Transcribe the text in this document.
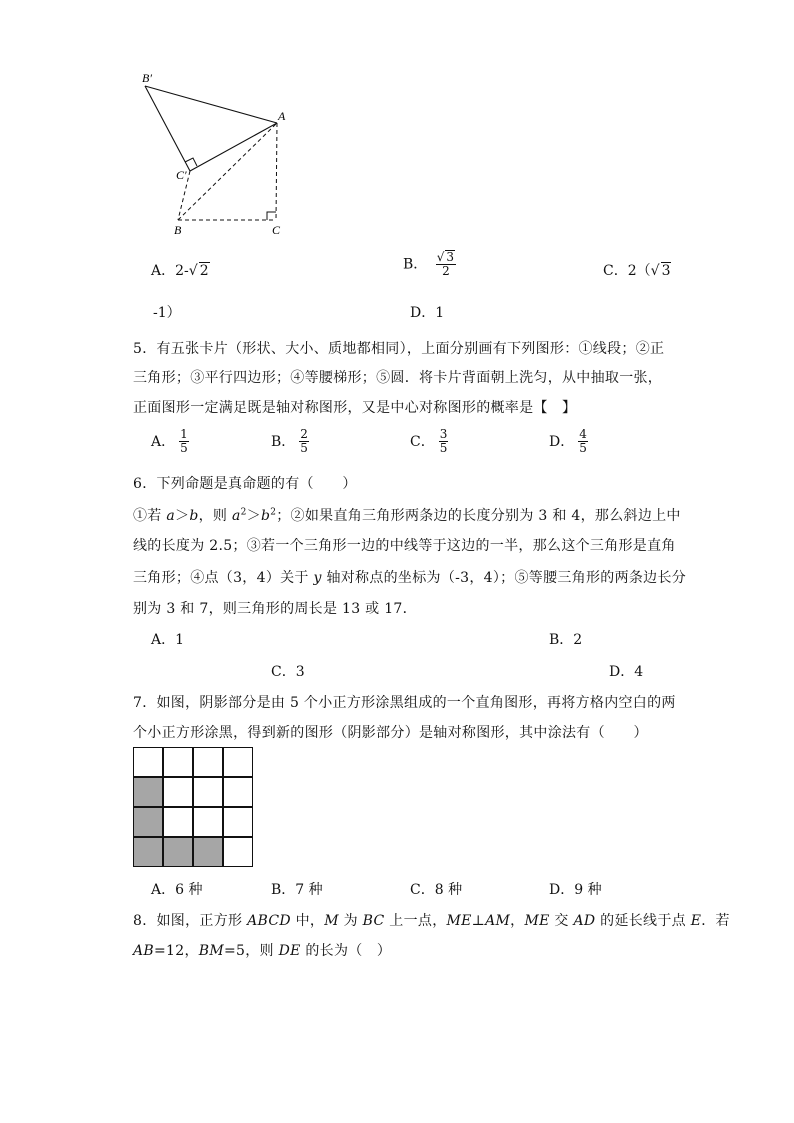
B′
A
C′
B	C
A．2-√ 2	B． $\frac{√ 3}{2}$	C．2（√ 3
-1）	D．1
5．有五张卡片（形状、大小、质地都相同），上面分别画有下列图形：①线段；②正
三角形；③平行四边形；④等腰梯形；⑤圆．将卡片背面朝上洗匀，从中抽取一张，
正面图形一定满足既是轴对称图形，又是中心对称图形的概率是【　】
A． $\frac{1}{5}$	B． $\frac{2}{5}$	C． $\frac{3}{5}$	D． $\frac{4}{5}$
6．下列命题是真命题的有（　　）
①若 a＞b，则 $a^2>b^2$；②如果直角三角形两条边的长度分别为 3 和 4，那么斜边上中
线的长度为 2.5；③若一个三角形一边的中线等于这边的一半，那么这个三角形是直角
三角形；④点（3，4）关于 y 轴对称点的坐标为（-3，4）；⑤等腰三角形的两条边长分
别为 3 和 7，则三角形的周长是 13 或 17．
A．1	B．2
C．3	D．4
7．如图，阴影部分是由 5 个小正方形涂黑组成的一个直角图形，再将方格内空白的两
个小正方形涂黑，得到新的图形（阴影部分）是轴对称图形，其中涂法有（　　）
A．6 种	B．7 种	C．8 种	D．9 种
8．如图，正方形 ABCD 中，M 为 BC 上一点，ME⊥AM，ME 交 AD 的延长线于点 E．若
AB=12，BM=5，则 DE 的长为（　）
